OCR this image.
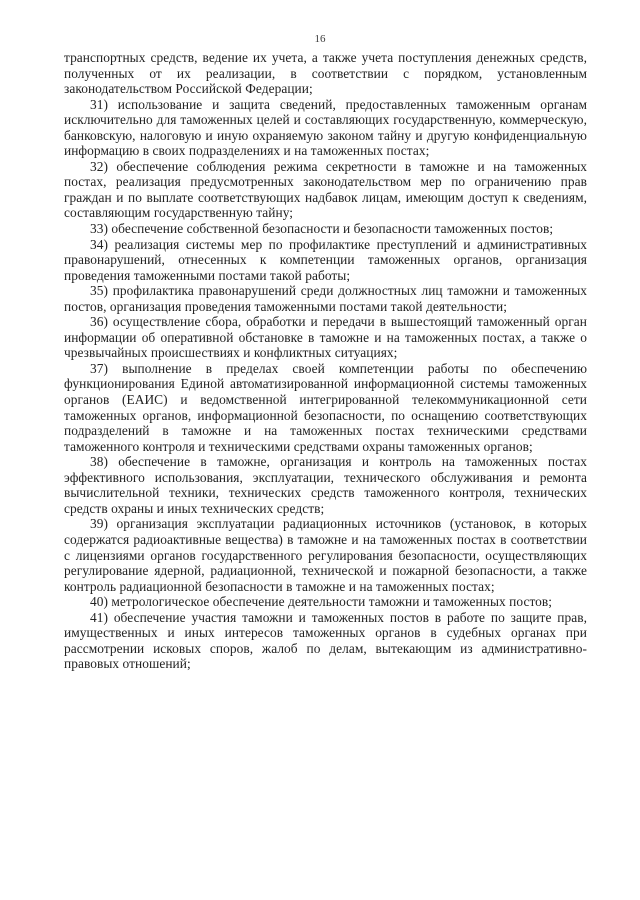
16

транспортных средств, ведение их учета, а также учета поступления денежных средств, полученных от их реализации, в соответствии с порядком, установленным законодательством Российской Федерации;

31) использование и защита сведений, предоставленных таможенным органам исключительно для таможенных целей и составляющих государственную, коммерческую, банковскую, налоговую и иную охраняемую законом тайну и другую конфиденциальную информацию в своих подразделениях и на таможенных постах;

32) обеспечение соблюдения режима секретности в таможне и на таможенных постах, реализация предусмотренных законодательством мер по ограничению прав граждан и по выплате соответствующих надбавок лицам, имеющим доступ к сведениям, составляющим государственную тайну;

33) обеспечение собственной безопасности и безопасности таможенных постов;

34) реализация системы мер по профилактике преступлений и административных правонарушений, отнесенных к компетенции таможенных органов, организация проведения таможенными постами такой работы;

35) профилактика правонарушений среди должностных лиц таможни и таможенных постов, организация проведения таможенными постами такой деятельности;

36) осуществление сбора, обработки и передачи в вышестоящий таможенный орган информации об оперативной обстановке в таможне и на таможенных постах, а также о чрезвычайных происшествиях и конфликтных ситуациях;

37) выполнение в пределах своей компетенции работы по обеспечению функционирования Единой автоматизированной информационной системы таможенных органов (ЕАИС) и ведомственной интегрированной телекоммуникационной сети таможенных органов, информационной безопасности, по оснащению соответствующих подразделений в таможне и на таможенных постах техническими средствами таможенного контроля и техническими средствами охраны таможенных органов;

38) обеспечение в таможне, организация и контроль на таможенных постах эффективного использования, эксплуатации, технического обслуживания и ремонта вычислительной техники, технических средств таможенного контроля, технических средств охраны и иных технических средств;

39) организация эксплуатации радиационных источников (установок, в которых содержатся радиоактивные вещества) в таможне и на таможенных постах в соответствии с лицензиями органов государственного регулирования безопасности, осуществляющих регулирование ядерной, радиационной, технической и пожарной безопасности, а также контроль радиационной безопасности в таможне и на таможенных постах;

40) метрологическое обеспечение деятельности таможни и таможенных постов;

41) обеспечение участия таможни и таможенных постов в работе по защите прав, имущественных и иных интересов таможенных органов в судебных органах при рассмотрении исковых споров, жалоб по делам, вытекающим из административно-правовых отношений;
